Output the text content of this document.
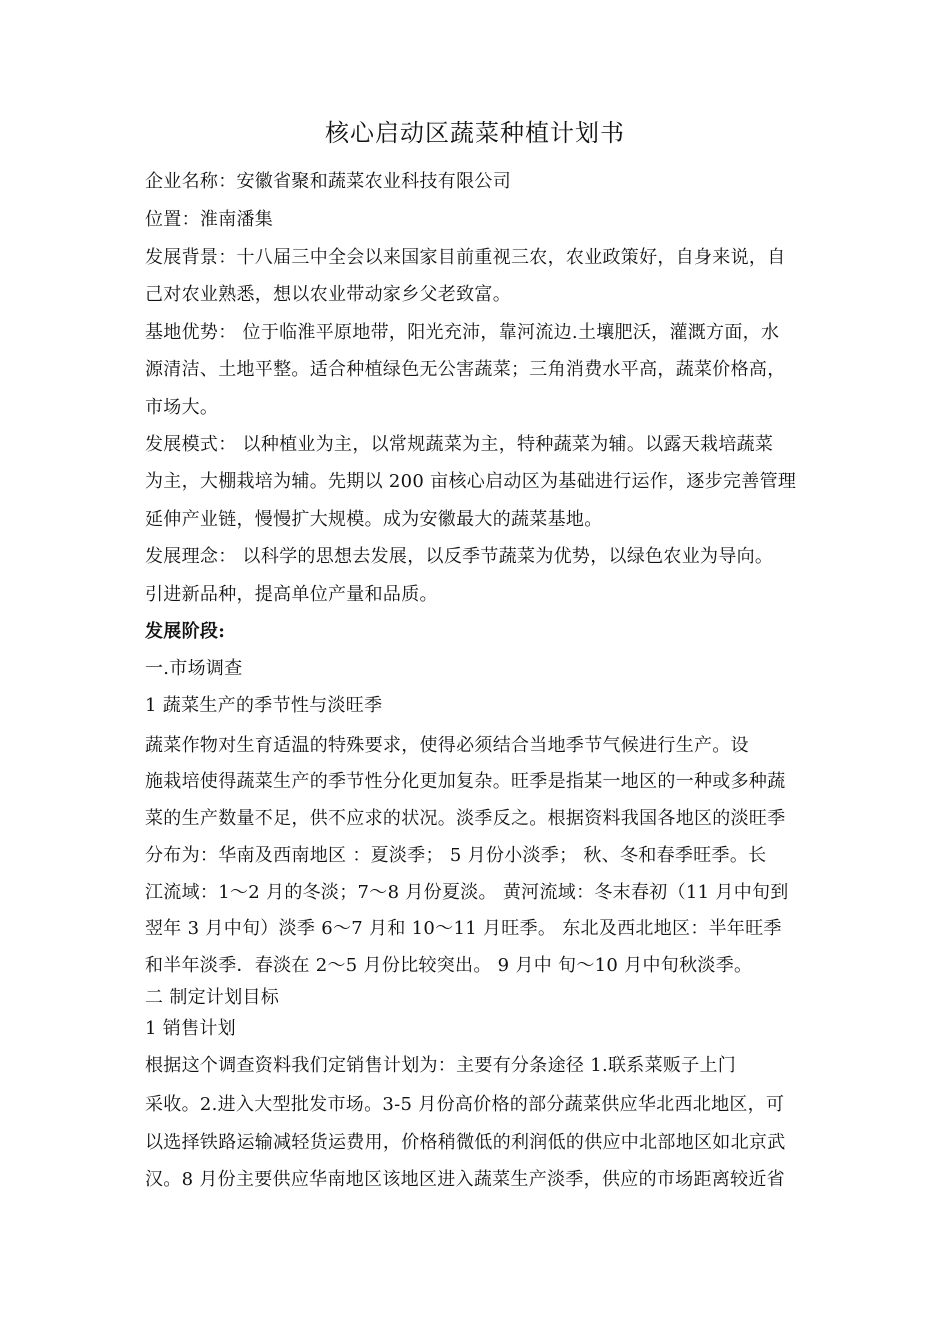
核心启动区蔬菜种植计划书
企业名称：安徽省聚和蔬菜农业科技有限公司
位置：淮南潘集
发展背景：十八届三中全会以来国家目前重视三农，农业政策好，自身来说，自
己对农业熟悉，想以农业带动家乡父老致富。
基地优势： 位于临淮平原地带，阳光充沛，靠河流边.土壤肥沃，灌溉方面，水
源清洁、土地平整。适合种植绿色无公害蔬菜；三角消费水平高，蔬菜价格高，
市场大。
发展模式： 以种植业为主，以常规蔬菜为主，特种蔬菜为辅。以露天栽培蔬菜
为主，大棚栽培为辅。先期以 200 亩核心启动区为基础进行运作，逐步完善管理
延伸产业链，慢慢扩大规模。成为安徽最大的蔬菜基地。
发展理念： 以科学的思想去发展，以反季节蔬菜为优势，以绿色农业为导向。
引进新品种，提高单位产量和品质。
发展阶段:
一.市场调查
1 蔬菜生产的季节性与淡旺季
蔬菜作物对生育适温的特殊要求，使得必须结合当地季节气候进行生产。设
施栽培使得蔬菜生产的季节性分化更加复杂。旺季是指某一地区的一种或多种蔬
菜的生产数量不足，供不应求的状况。淡季反之。根据资料我国各地区的淡旺季
分布为：华南及西南地区 ：夏淡季； 5 月份小淡季； 秋、冬和春季旺季。长
江流域：1～2 月的冬淡；7～8 月份夏淡。 黄河流域：冬末春初（11 月中旬到
翌年 3 月中旬）淡季 6～7 月和 10～11 月旺季。 东北及西北地区：半年旺季
和半年淡季．春淡在 2～5 月份比较突出。 9 月中 旬～10 月中旬秋淡季。
二 制定计划目标
1 销售计划
根据这个调查资料我们定销售计划为：主要有分条途径 1.联系菜贩子上门
采收。2.进入大型批发市场。3-5 月份高价格的部分蔬菜供应华北西北地区，可
以选择铁路运输减轻货运费用，价格稍微低的利润低的供应中北部地区如北京武
汉。8 月份主要供应华南地区该地区进入蔬菜生产淡季，供应的市场距离较近省
